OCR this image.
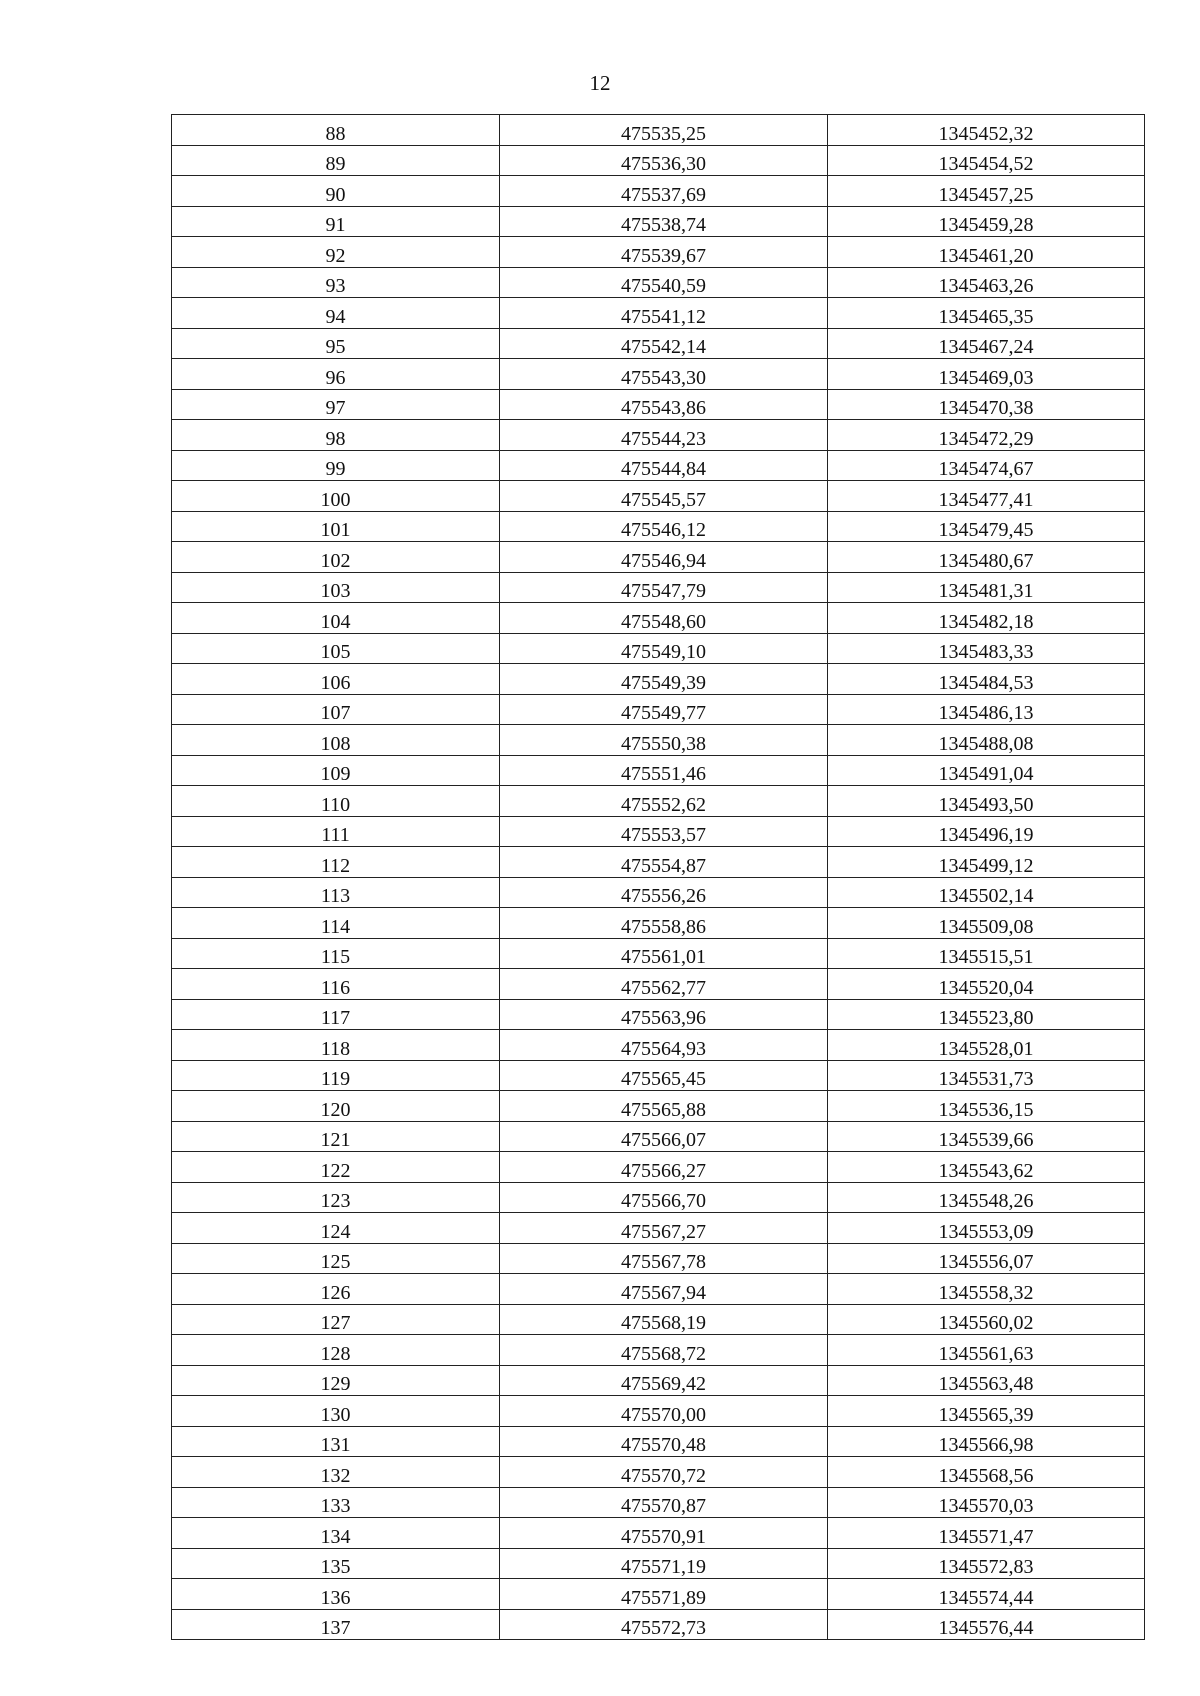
12
88	475535,25	1345452,32
89	475536,30	1345454,52
90	475537,69	1345457,25
91	475538,74	1345459,28
92	475539,67	1345461,20
93	475540,59	1345463,26
94	475541,12	1345465,35
95	475542,14	1345467,24
96	475543,30	1345469,03
97	475543,86	1345470,38
98	475544,23	1345472,29
99	475544,84	1345474,67
100	475545,57	1345477,41
101	475546,12	1345479,45
102	475546,94	1345480,67
103	475547,79	1345481,31
104	475548,60	1345482,18
105	475549,10	1345483,33
106	475549,39	1345484,53
107	475549,77	1345486,13
108	475550,38	1345488,08
109	475551,46	1345491,04
110	475552,62	1345493,50
111	475553,57	1345496,19
112	475554,87	1345499,12
113	475556,26	1345502,14
114	475558,86	1345509,08
115	475561,01	1345515,51
116	475562,77	1345520,04
117	475563,96	1345523,80
118	475564,93	1345528,01
119	475565,45	1345531,73
120	475565,88	1345536,15
121	475566,07	1345539,66
122	475566,27	1345543,62
123	475566,70	1345548,26
124	475567,27	1345553,09
125	475567,78	1345556,07
126	475567,94	1345558,32
127	475568,19	1345560,02
128	475568,72	1345561,63
129	475569,42	1345563,48
130	475570,00	1345565,39
131	475570,48	1345566,98
132	475570,72	1345568,56
133	475570,87	1345570,03
134	475570,91	1345571,47
135	475571,19	1345572,83
136	475571,89	1345574,44
137	475572,73	1345576,44
